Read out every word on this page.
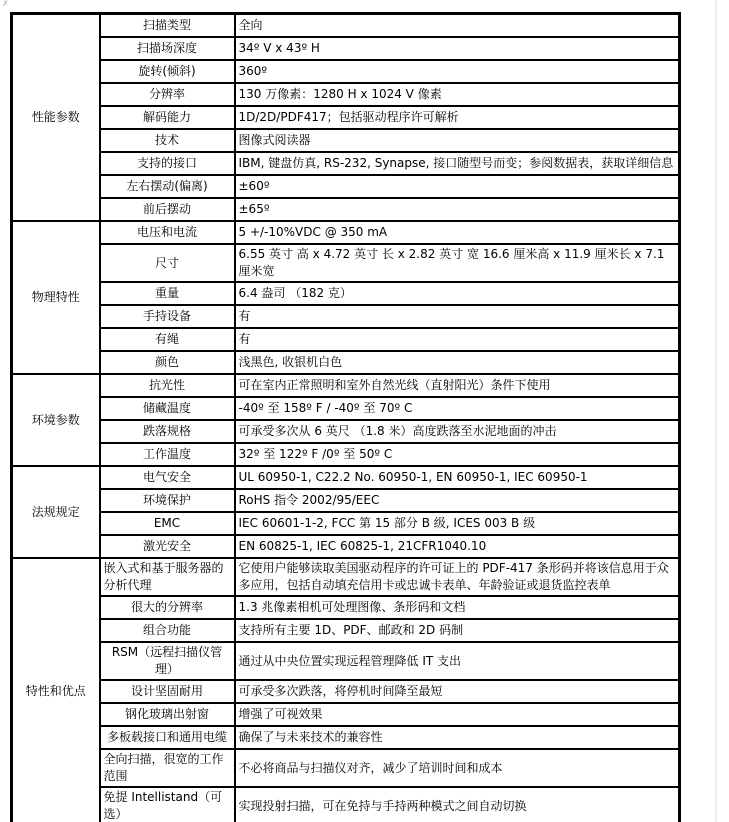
✗
性能参数	扫描类型	全向
	扫描场深度	34º V x 43º H
	旋转(倾斜)	360º
	分辨率	130 万像素：1280 H x 1024 V 像素
	解码能力	1D/2D/PDF417；包括驱动程序许可解析
	技术	图像式阅读器
	支持的接口	IBM, 键盘仿真, RS-232, Synapse, 接口随型号而变；参阅数据表，获取详细信息
	左右摆动(偏离)	±60º
	前后摆动	±65º
物理特性	电压和电流	5 +/-10%VDC @ 350 mA
	尺寸	6.55 英寸 高 x 4.72 英寸 长 x 2.82 英寸 宽 16.6 厘米高 x 11.9 厘米长 x 7.1 厘米宽
	重量	6.4 盎司 （182 克）
	手持设备	有
	有绳	有
	颜色	浅黑色, 收银机白色
环境参数	抗光性	可在室内正常照明和室外自然光线（直射阳光）条件下使用
	储藏温度	-40º 至 158º F / -40º 至 70º C
	跌落规格	可承受多次从 6 英尺 （1.8 米）高度跌落至水泥地面的冲击
	工作温度	32º 至 122º F /0º 至 50º C
法规规定	电气安全	UL 60950-1, C22.2 No. 60950-1, EN 60950-1, IEC 60950-1
	环境保护	RoHS 指令 2002/95/EEC
	EMC	IEC 60601-1-2, FCC 第 15 部分 B 级, ICES 003 B 级
	激光安全	EN 60825-1, IEC 60825-1, 21CFR1040.10
特性和优点	嵌入式和基于服务器的分析代理	它使用户能够读取美国驱动程序的许可证上的 PDF-417 条形码并将该信息用于众多应用，包括自动填充信用卡或忠诚卡表单、年龄验证或退货监控表单
	很大的分辨率	1.3 兆像素相机可处理图像、条形码和文档
	组合功能	支持所有主要 1D、PDF、邮政和 2D 码制
	RSM（远程扫描仪管理）	通过从中央位置实现远程管理降低 IT 支出
	设计坚固耐用	可承受多次跌落，将停机时间降至最短
	钢化玻璃出射窗	增强了可视效果
	多板载接口和通用电缆	确保了与未来技术的兼容性
	全向扫描，很宽的工作范围	不必将商品与扫描仪对齐，减少了培训时间和成本
	免提 Intellistand（可选）	实现投射扫描，可在免持与手持两种模式之间自动切换
